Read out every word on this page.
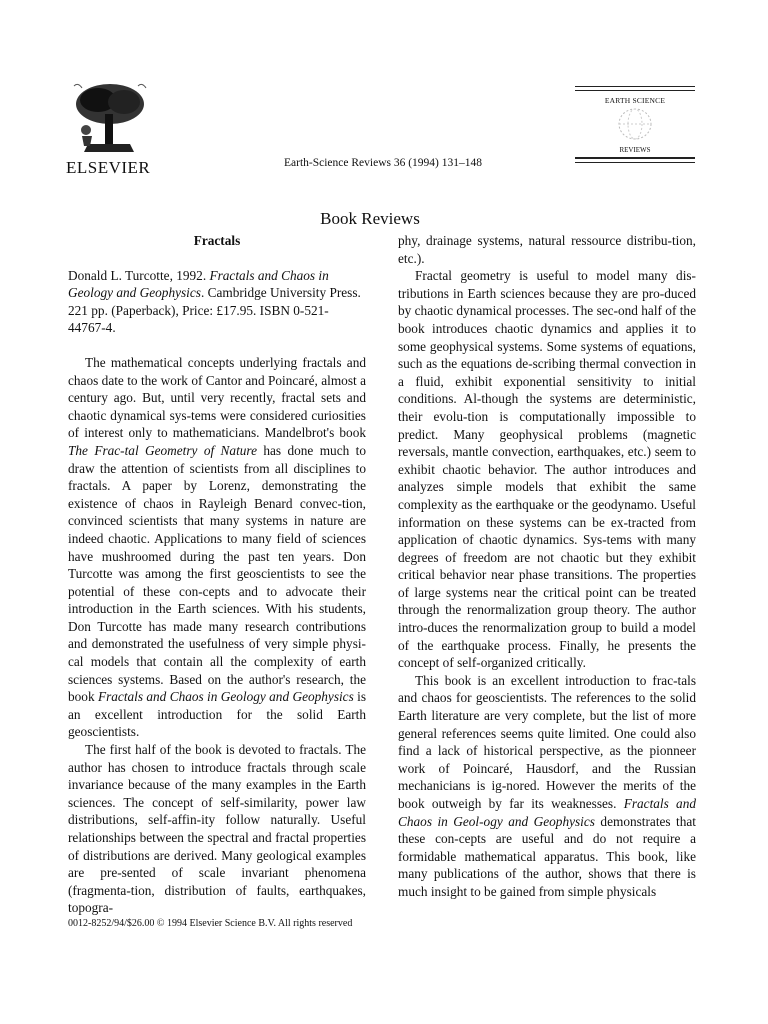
ELSEVIER	Earth-Science Reviews 36 (1994) 131–148
EARTH SCIENCE
REVIEWS
Book Reviews
Fractals
Donald L. Turcotte, 1992. Fractals and Chaos in Geology and Geophysics. Cambridge University Press. 221 pp. (Paperback), Price: £17.95. ISBN 0-521-44767-4.

The mathematical concepts underlying fractals and chaos date to the work of Cantor and Poincaré, almost a century ago. But, until very recently, fractal sets and chaotic dynamical sys-tems were considered curiosities of interest only to mathematicians. Mandelbrot's book The Frac-tal Geometry of Nature has done much to draw the attention of scientists from all disciplines to fractals. A paper by Lorenz, demonstrating the existence of chaos in Rayleigh Benard convec-tion, convinced scientists that many systems in nature are indeed chaotic. Applications to many field of sciences have mushroomed during the past ten years. Don Turcotte was among the first geoscientists to see the potential of these con-cepts and to advocate their introduction in the Earth sciences. With his students, Don Turcotte has made many research contributions and demonstrated the usefulness of very simple physi-cal models that contain all the complexity of earth sciences systems. Based on the author's research, the book Fractals and Chaos in Geology and Geophysics is an excellent introduction for the solid Earth geoscientists.

The first half of the book is devoted to fractals. The author has chosen to introduce fractals through scale invariance because of the many examples in the Earth sciences. The concept of self-similarity, power law distributions, self-affin-ity follow naturally. Useful relationships between the spectral and fractal properties of distributions are derived. Many geological examples are pre-sented of scale invariant phenomena (fragmenta-tion, distribution of faults, earthquakes, topogra-

phy, drainage systems, natural ressource distribu-tion, etc.).

Fractal geometry is useful to model many dis-tributions in Earth sciences because they are pro-duced by chaotic dynamical processes. The sec-ond half of the book introduces chaotic dynamics and applies it to some geophysical systems. Some systems of equations, such as the equations de-scribing thermal convection in a fluid, exhibit exponential sensitivity to initial conditions. Al-though the systems are deterministic, their evolu-tion is computationally impossible to predict. Many geophysical problems (magnetic reversals, mantle convection, earthquakes, etc.) seem to exhibit chaotic behavior. The author introduces and analyzes simple models that exhibit the same complexity as the earthquake or the geodynamo. Useful information on these systems can be ex-tracted from application of chaotic dynamics. Sys-tems with many degrees of freedom are not chaotic but they exhibit critical behavior near phase transitions. The properties of large systems near the critical point can be treated through the renormalization group theory. The author intro-duces the renormalization group to build a model of the earthquake process. Finally, he presents the concept of self-organized critically.

This book is an excellent introduction to frac-tals and chaos for geoscientists. The references to the solid Earth literature are very complete, but the list of more general references seems quite limited. One could also find a lack of historical perspective, as the pionneer work of Poincaré, Hausdorf, and the Russian mechanicians is ig-nored. However the merits of the book outweigh by far its weaknesses. Fractals and Chaos in Geol-ogy and Geophysics demonstrates that these con-cepts are useful and do not require a formidable mathematical apparatus. This book, like many publications of the author, shows that there is much insight to be gained from simple physicals

0012-8252/94/$26.00 © 1994 Elsevier Science B.V. All rights reserved
